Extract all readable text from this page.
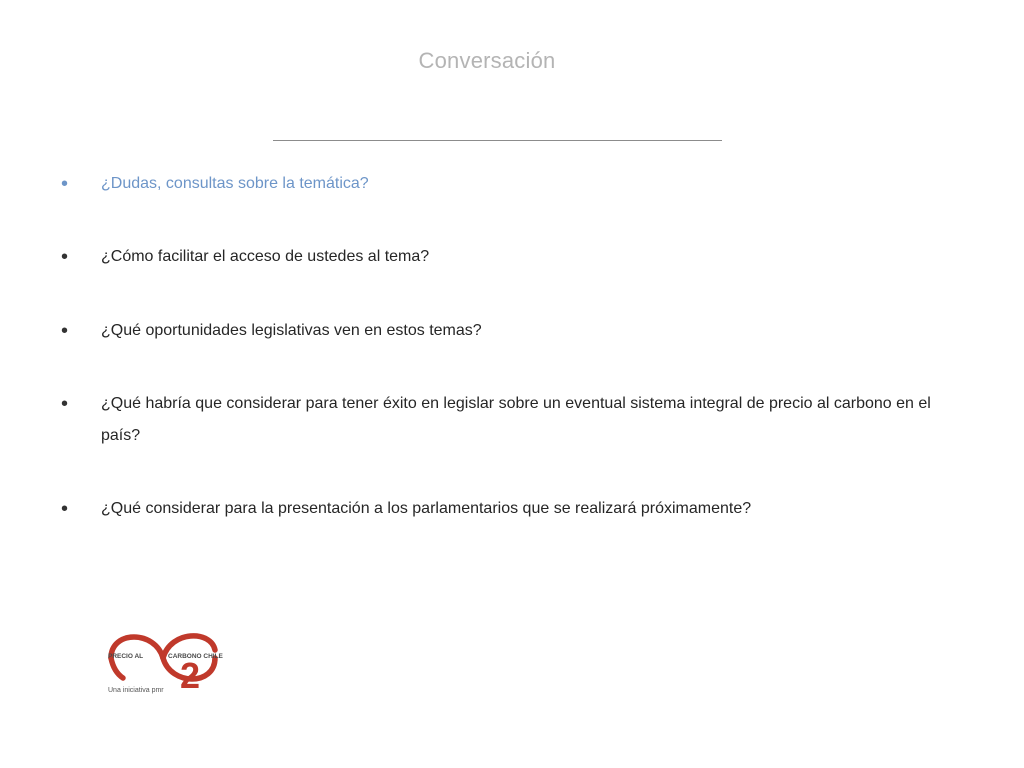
Conversación
• ¿Dudas, consultas sobre la temática?
• ¿Cómo facilitar el acceso de ustedes al tema?
• ¿Qué oportunidades legislativas ven en estos temas?
• ¿Qué habría que considerar para tener éxito en legislar sobre un eventual sistema integral de precio al carbono en el país?
• ¿Qué considerar para la presentación a los parlamentarios que se realizará próximamente?
PRECIO AL	CARBONO CHILE
2
Una iniciativa pmr
